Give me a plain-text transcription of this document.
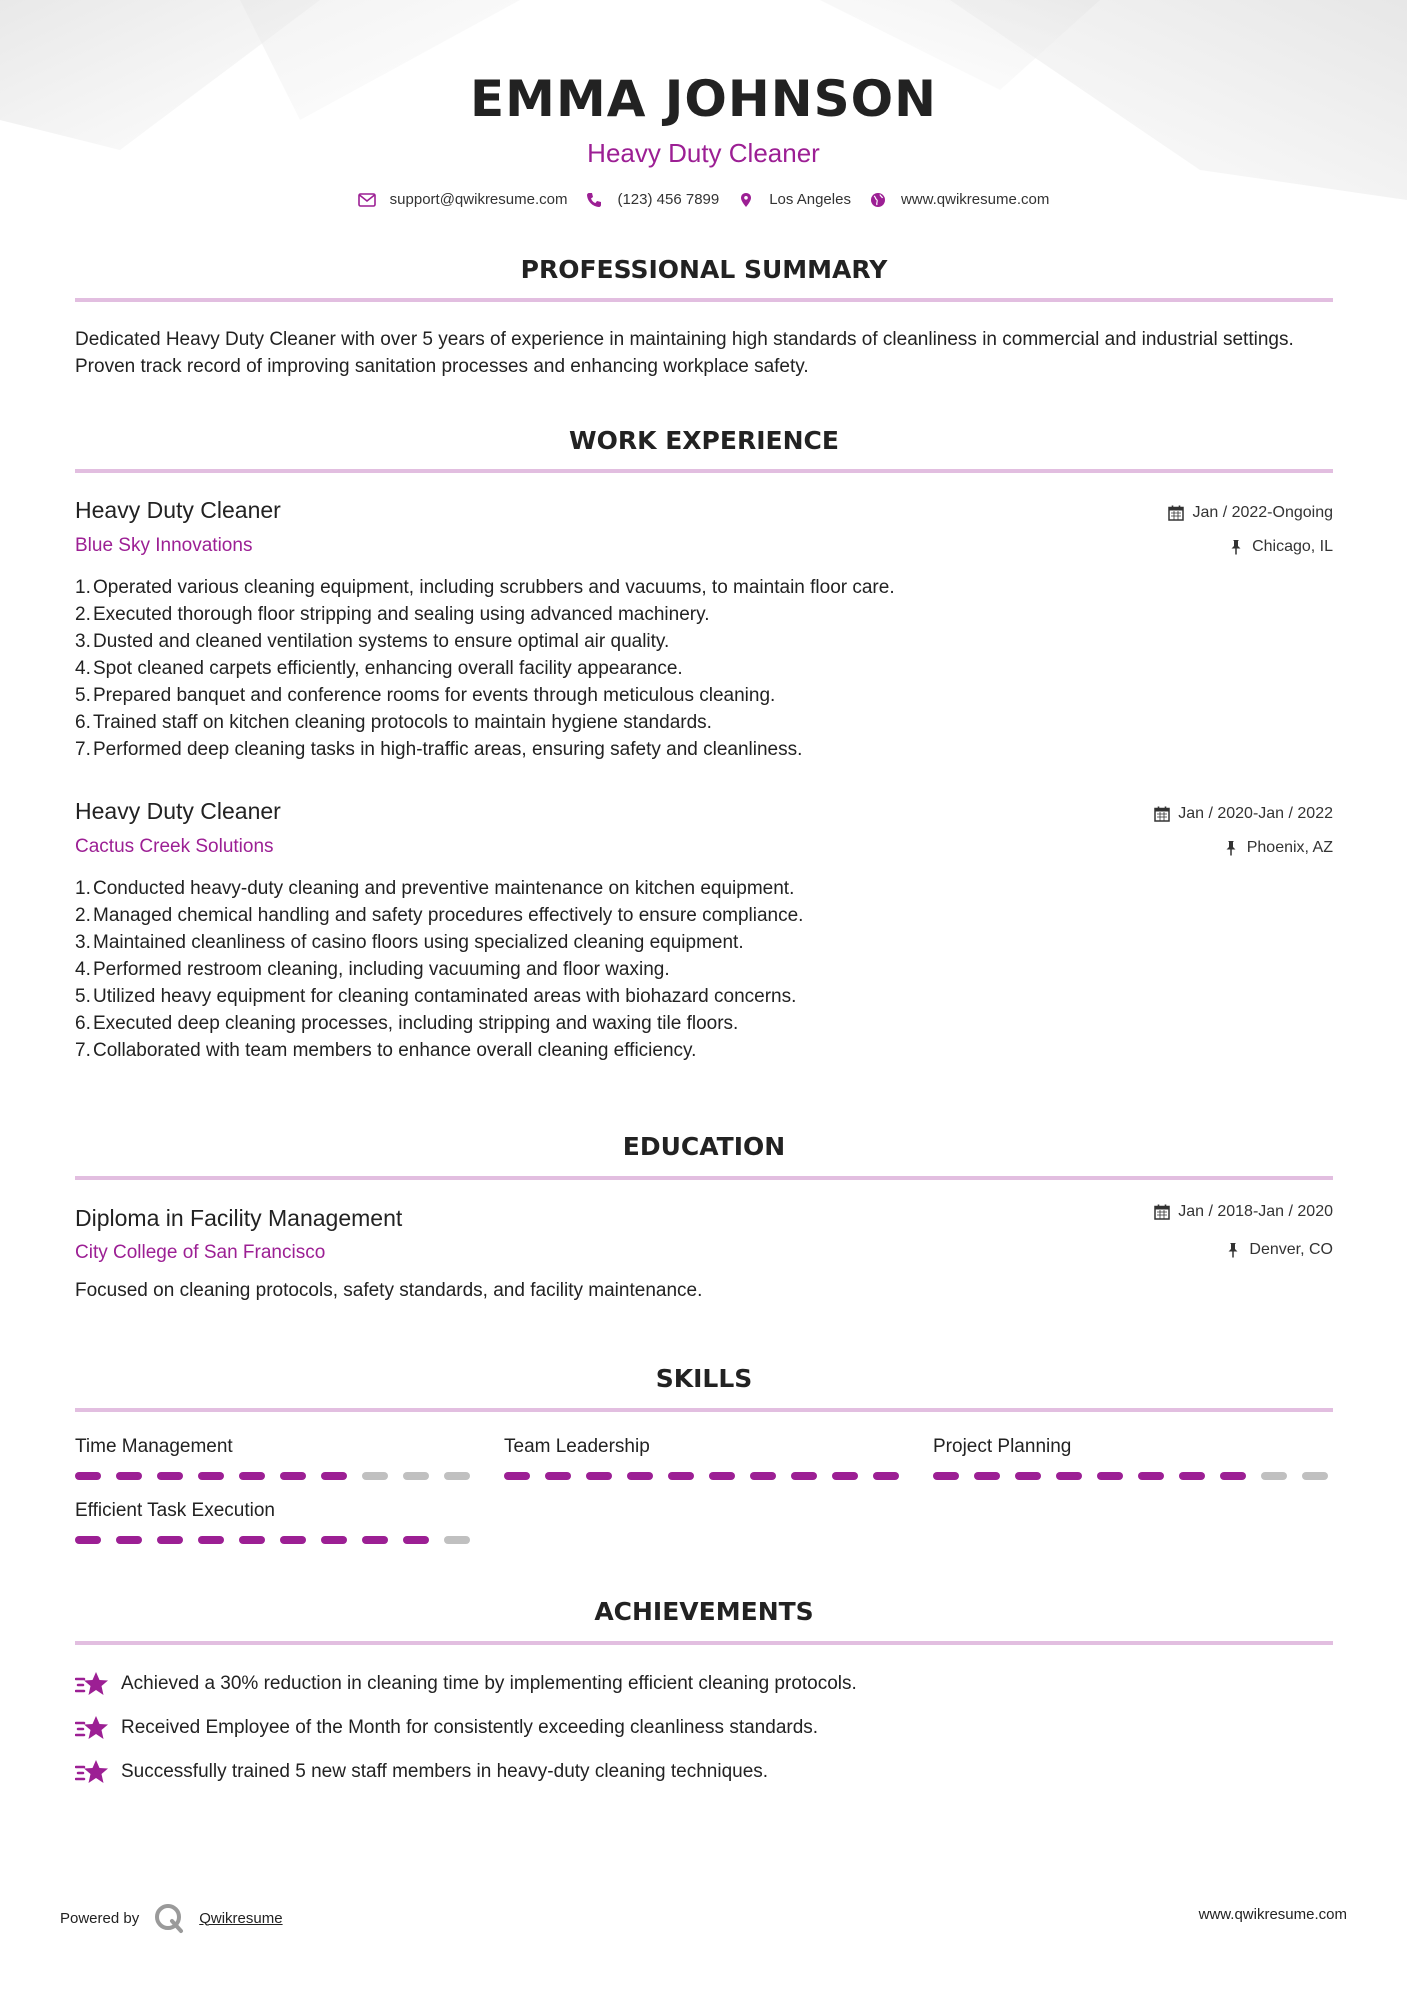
EMMA JOHNSON
Heavy Duty Cleaner
support@qwikresume.com	(123) 456 7899	Los Angeles	www.qwikresume.com
PROFESSIONAL SUMMARY
Dedicated Heavy Duty Cleaner with over 5 years of experience in maintaining high standards of cleanliness in commercial and industrial settings. Proven track record of improving sanitation processes and enhancing workplace safety.
WORK EXPERIENCE
Heavy Duty Cleaner
Blue Sky Innovations
Jan / 2022-Ongoing
Chicago, IL
1. Operated various cleaning equipment, including scrubbers and vacuums, to maintain floor care.
2. Executed thorough floor stripping and sealing using advanced machinery.
3. Dusted and cleaned ventilation systems to ensure optimal air quality.
4. Spot cleaned carpets efficiently, enhancing overall facility appearance.
5. Prepared banquet and conference rooms for events through meticulous cleaning.
6. Trained staff on kitchen cleaning protocols to maintain hygiene standards.
7. Performed deep cleaning tasks in high-traffic areas, ensuring safety and cleanliness.
Heavy Duty Cleaner
Cactus Creek Solutions
Jan / 2020-Jan / 2022
Phoenix, AZ
1. Conducted heavy-duty cleaning and preventive maintenance on kitchen equipment.
2. Managed chemical handling and safety procedures effectively to ensure compliance.
3. Maintained cleanliness of casino floors using specialized cleaning equipment.
4. Performed restroom cleaning, including vacuuming and floor waxing.
5. Utilized heavy equipment for cleaning contaminated areas with biohazard concerns.
6. Executed deep cleaning processes, including stripping and waxing tile floors.
7. Collaborated with team members to enhance overall cleaning efficiency.
EDUCATION
Diploma in Facility Management
City College of San Francisco
Jan / 2018-Jan / 2020
Denver, CO
Focused on cleaning protocols, safety standards, and facility maintenance.
SKILLS
Time Management	Team Leadership	Project Planning
Efficient Task Execution
ACHIEVEMENTS
Achieved a 30% reduction in cleaning time by implementing efficient cleaning protocols.
Received Employee of the Month for consistently exceeding cleanliness standards.
Successfully trained 5 new staff members in heavy-duty cleaning techniques.
Powered by	Qwikresume	www.qwikresume.com
